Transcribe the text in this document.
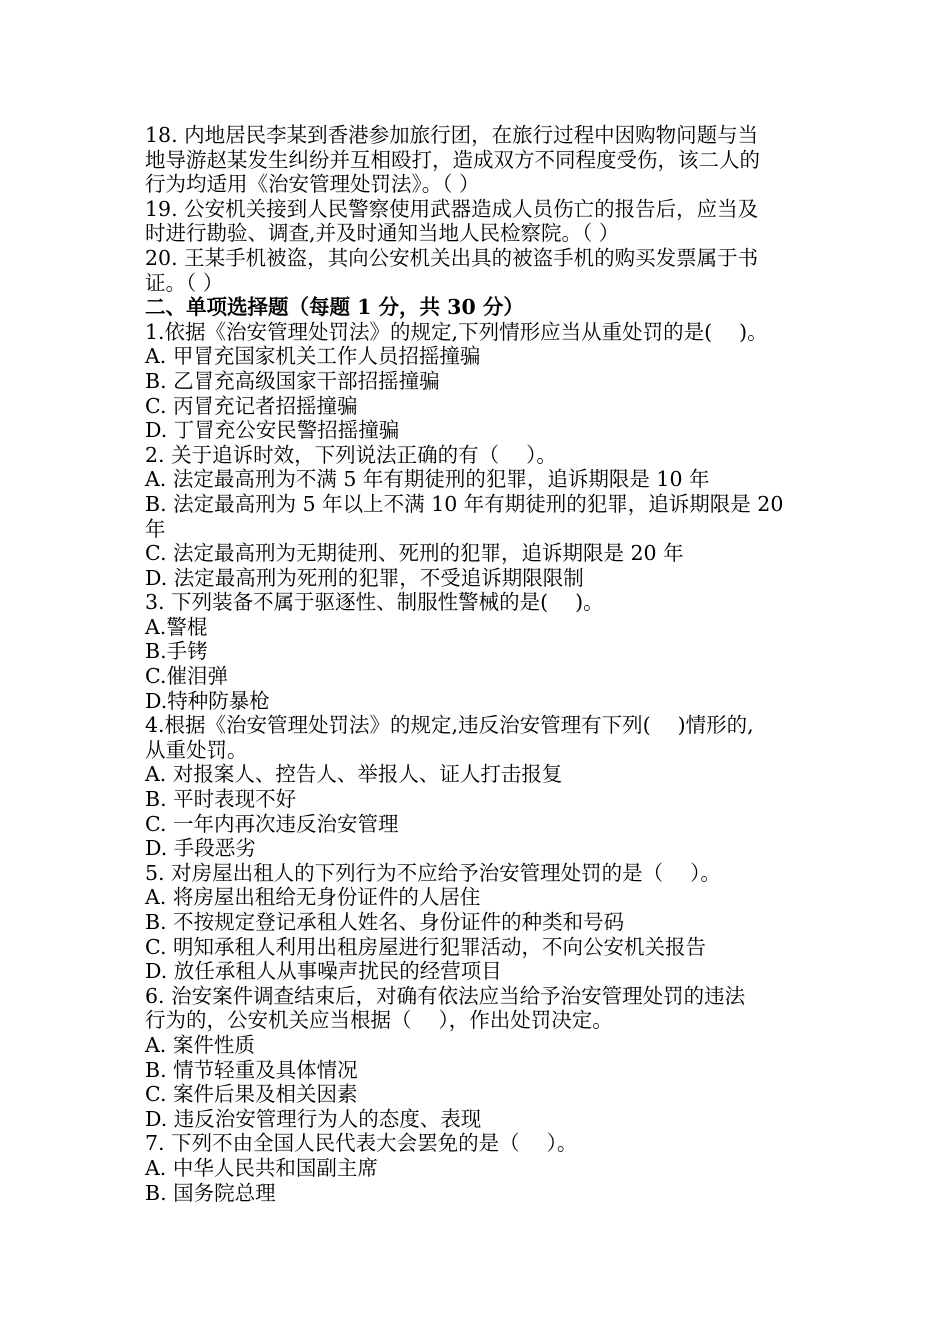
18. 内地居民李某到香港参加旅行团，在旅行过程中因购物问题与当
地导游赵某发生纠纷并互相殴打，造成双方不同程度受伤，该二人的
行为均适用《治安管理处罚法》。（ ）
19. 公安机关接到人民警察使用武器造成人员伤亡的报告后，应当及
时进行勘验、调查,并及时通知当地人民检察院。（ ）
20. 王某手机被盗，其向公安机关出具的被盗手机的购买发票属于书
证。（ ）
二、单项选择题（每题 1 分，共 30 分）
1.依据《治安管理处罚法》的规定,下列情形应当从重处罚的是(　 )。
A. 甲冒充国家机关工作人员招摇撞骗
B. 乙冒充高级国家干部招摇撞骗
C. 丙冒充记者招摇撞骗
D. 丁冒充公安民警招摇撞骗
2. 关于追诉时效，下列说法正确的有（　 ）。
A. 法定最高刑为不满 5 年有期徒刑的犯罪，追诉期限是 10 年
B. 法定最高刑为 5 年以上不满 10 年有期徒刑的犯罪，追诉期限是 20
年
C. 法定最高刑为无期徒刑、死刑的犯罪，追诉期限是 20 年
D. 法定最高刑为死刑的犯罪，不受追诉期限限制
3. 下列装备不属于驱逐性、制服性警械的是(　 )。
A.警棍
B.手铐
C.催泪弹
D.特种防暴枪
4.根据《治安管理处罚法》的规定,违反治安管理有下列(　 )情形的,
从重处罚。
A. 对报案人、控告人、举报人、证人打击报复
B. 平时表现不好
C. 一年内再次违反治安管理
D. 手段恶劣
5. 对房屋出租人的下列行为不应给予治安管理处罚的是（　 ）。
A. 将房屋出租给无身份证件的人居住
B. 不按规定登记承租人姓名、身份证件的种类和号码
C. 明知承租人利用出租房屋进行犯罪活动，不向公安机关报告
D. 放任承租人从事噪声扰民的经营项目
6. 治安案件调查结束后，对确有依法应当给予治安管理处罚的违法
行为的，公安机关应当根据（　 ），作出处罚决定。
A. 案件性质
B. 情节轻重及具体情况
C. 案件后果及相关因素
D. 违反治安管理行为人的态度、表现
7. 下列不由全国人民代表大会罢免的是（　 ）。
A. 中华人民共和国副主席
B. 国务院总理
